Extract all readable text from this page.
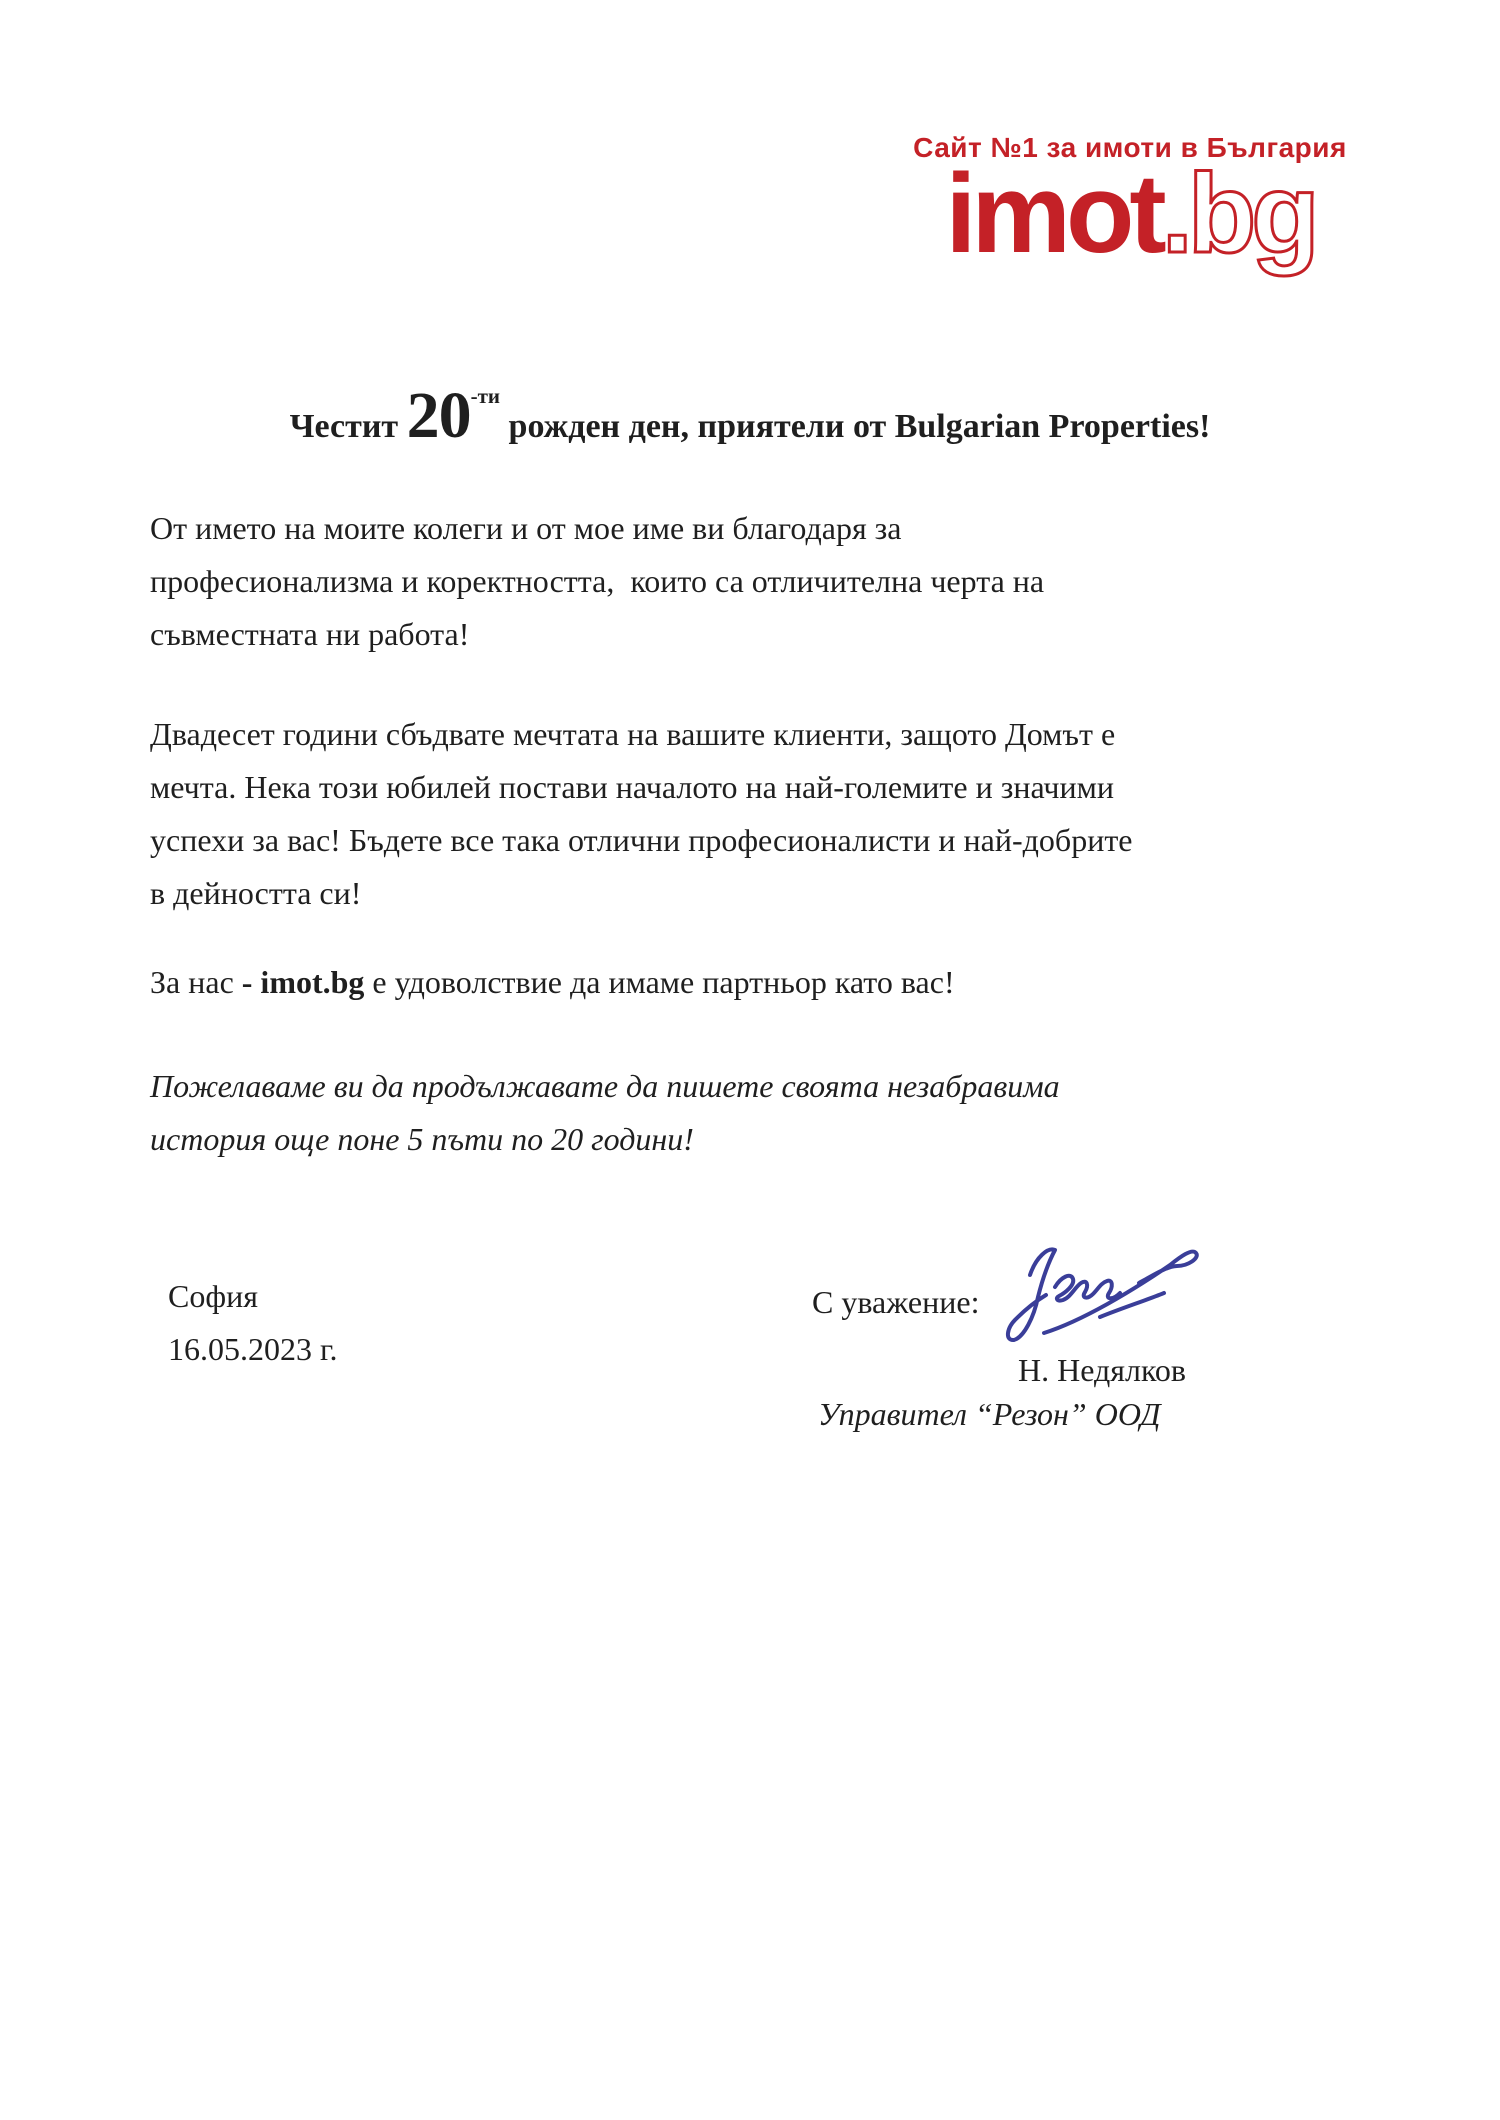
Сайт №1 за имоти в България
imot.bg
Честит $20^{-ти}$ рожден ден, приятели от Bulgarian Properties!
От името на моите колеги и от мое име ви благодаря за
професионализма и коректността,  които са отличителна черта на
съвместната ни работа!
Двадесет години сбъдвате мечтата на вашите клиенти, защото Домът е
мечта. Нека този юбилей постави началото на най-големите и значими
успехи за вас! Бъдете все така отлични професионалисти и най-добрите
в дейността си!
За нас - imot.bg е удоволствие да имаме партньор като вас!
Пожелаваме ви да продължавате да пишете своята незабравима
история още поне 5 пъти по 20 години!
София
16.05.2023 г.
С уважение:
Н. Недялков
Управител “Резон” ООД
